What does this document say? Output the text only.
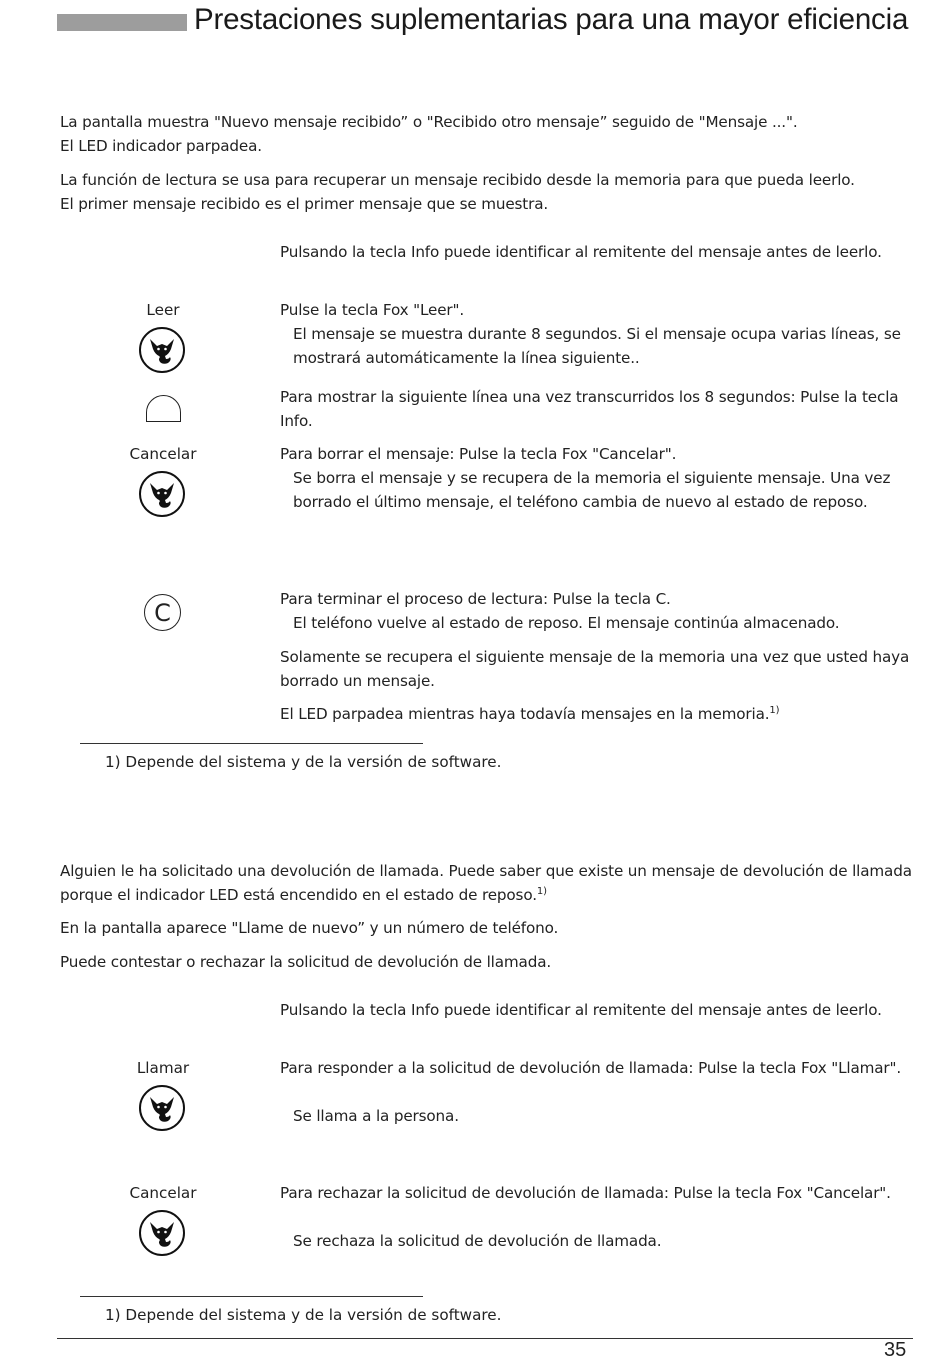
Prestaciones suplementarias para una mayor eficiencia

La pantalla muestra "Nuevo mensaje recibido” o "Recibido otro mensaje” seguido de "Mensaje ...".
El LED indicador parpadea.

La función de lectura se usa para recuperar un mensaje recibido desde la memoria para que pueda leerlo.
El primer mensaje recibido es el primer mensaje que se muestra.

Pulsando la tecla Info puede identificar al remitente del mensaje antes de leerlo.

Leer	Pulse la tecla Fox "Leer".

El mensaje se muestra durante 8 segundos. Si el mensaje ocupa varias líneas, se mostrará automáticamente la línea siguiente..

Para mostrar la siguiente línea una vez transcurridos los 8 segundos: Pulse la tecla Info.

Cancelar	Para borrar el mensaje: Pulse la tecla Fox "Cancelar".

Se borra el mensaje y se recupera de la memoria el siguiente mensaje. Una vez borrado el último mensaje, el teléfono cambia de nuevo al estado de reposo.

C	Para terminar el proceso de lectura: Pulse la tecla C.

El teléfono vuelve al estado de reposo. El mensaje continúa almacenado.

Solamente se recupera el siguiente mensaje de la memoria una vez que usted haya borrado un mensaje.

El LED parpadea mientras haya todavía mensajes en la memoria.$^{1)}$

1) Depende del sistema y de la versión de software.

Alguien le ha solicitado una devolución de llamada. Puede saber que existe un mensaje de devolución de llamada porque el indicador LED está encendido en el estado de reposo.$^{1)}$

En la pantalla aparece "Llame de nuevo” y un número de teléfono.

Puede contestar o rechazar la solicitud de devolución de llamada.

Pulsando la tecla Info puede identificar al remitente del mensaje antes de leerlo.

Llamar	Para responder a la solicitud de devolución de llamada: Pulse la tecla Fox "Llamar".

Se llama a la persona.

Cancelar	Para rechazar la solicitud de devolución de llamada: Pulse la tecla Fox "Cancelar".

Se rechaza la solicitud de devolución de llamada.

1) Depende del sistema y de la versión de software.
35
